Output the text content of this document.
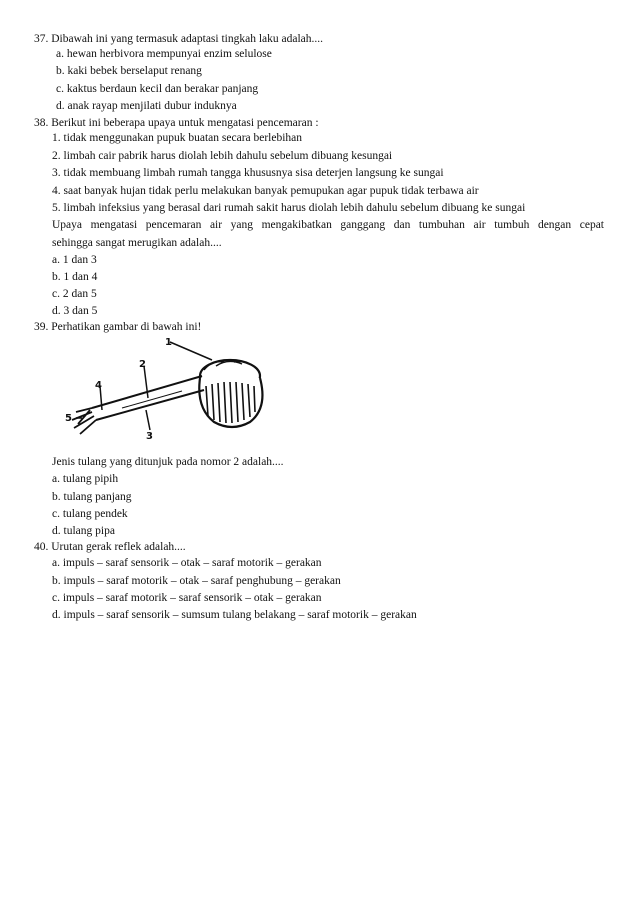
37. Dibawah ini yang termasuk adaptasi tingkah laku adalah....
a. hewan herbivora mempunyai enzim selulose
b. kaki bebek berselaput renang
c. kaktus berdaun kecil dan berakar panjang
d. anak rayap menjilati dubur induknya
38. Berikut ini beberapa upaya untuk mengatasi pencemaran :
1. tidak menggunakan pupuk buatan secara berlebihan
2. limbah cair pabrik harus diolah lebih dahulu sebelum dibuang kesungai
3. tidak membuang limbah rumah tangga khususnya sisa deterjen langsung ke sungai
4. saat banyak hujan tidak perlu melakukan banyak pemupukan agar pupuk tidak terbawa air
5. limbah infeksius yang berasal dari rumah sakit harus diolah lebih dahulu sebelum dibuang ke sungai
Upaya mengatasi pencemaran air yang mengakibatkan ganggang dan tumbuhan air tumbuh dengan cepat
sehingga sangat merugikan adalah....
a. 1 dan 3
b. 1 dan 4
c. 2 dan 5
d. 3 dan 5
39. Perhatikan gambar di bawah ini!
1
2
3
4
5
Jenis tulang yang ditunjuk pada nomor 2 adalah....
a. tulang pipih
b. tulang panjang
c. tulang pendek
d. tulang pipa
40. Urutan gerak reflek adalah....
a. impuls – saraf sensorik – otak – saraf motorik – gerakan
b. impuls – saraf motorik – otak – saraf penghubung – gerakan
c. impuls – saraf motorik – saraf sensorik – otak – gerakan
d. impuls – saraf sensorik – sumsum tulang belakang – saraf motorik – gerakan
